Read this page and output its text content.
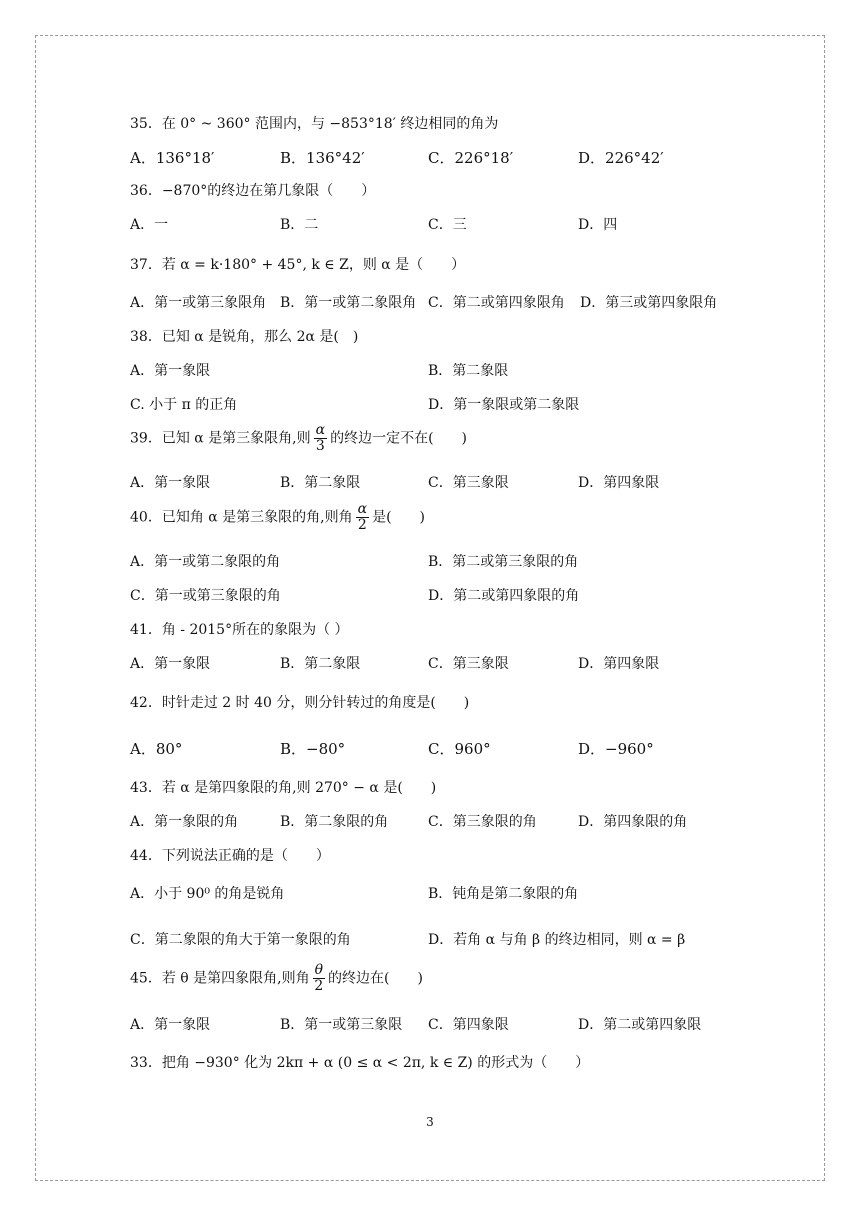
35．在 0° ~ 360° 范围内，与 −853°18′ 终边相同的角为
A．136°18′	B．136°42′	C．226°18′	D．226°42′
36．−870°的终边在第几象限（　　）
A．一	B．二	C．三	D．四
37．若 α = k·180° + 45°, k ∈ Z，则 α 是（　　）
A．第一或第三象限角 B．第一或第二象限角 C．第二或第四象限角 D．第三或第四象限角
38．已知 α 是锐角，那么 2α 是(　)
A．第一象限	B．第二象限
C. 小于 π 的正角	D．第一象限或第二象限
39．已知 α 是第三象限角,则 $\frac{\alpha}{3}$ 的终边一定不在(　　)
A．第一象限	B．第二象限	C．第三象限	D．第四象限
40．已知角 α 是第三象限的角,则角 $\frac{\alpha}{2}$ 是(　　)
A．第一或第二象限的角	B．第二或第三象限的角
C．第一或第三象限的角	D．第二或第四象限的角
41．角 - 2015°所在的象限为（ ）
A．第一象限	B．第二象限	C．第三象限	D．第四象限
42．时针走过 2 时 40 分，则分针转过的角度是(　　)
A．80°	B．−80°	C．960°	D．−960°
43．若 α 是第四象限的角,则 270° − α 是(　　)
A．第一象限的角	B．第二象限的角	C．第三象限的角	D．第四象限的角
44．下列说法正确的是（　　）
A．小于 90⁰ 的角是锐角	B．钝角是第二象限的角
C．第二象限的角大于第一象限的角	D．若角 α 与角 β 的终边相同，则 α = β
45．若 θ 是第四象限角,则角 $\frac{\theta}{2}$ 的终边在(　　)
A．第一象限	B．第一或第三象限 C．第四象限	D．第二或第四象限
33．把角 −930° 化为 2kπ + α (0 ≤ α < 2π, k ∈ Z) 的形式为（　　）
3
